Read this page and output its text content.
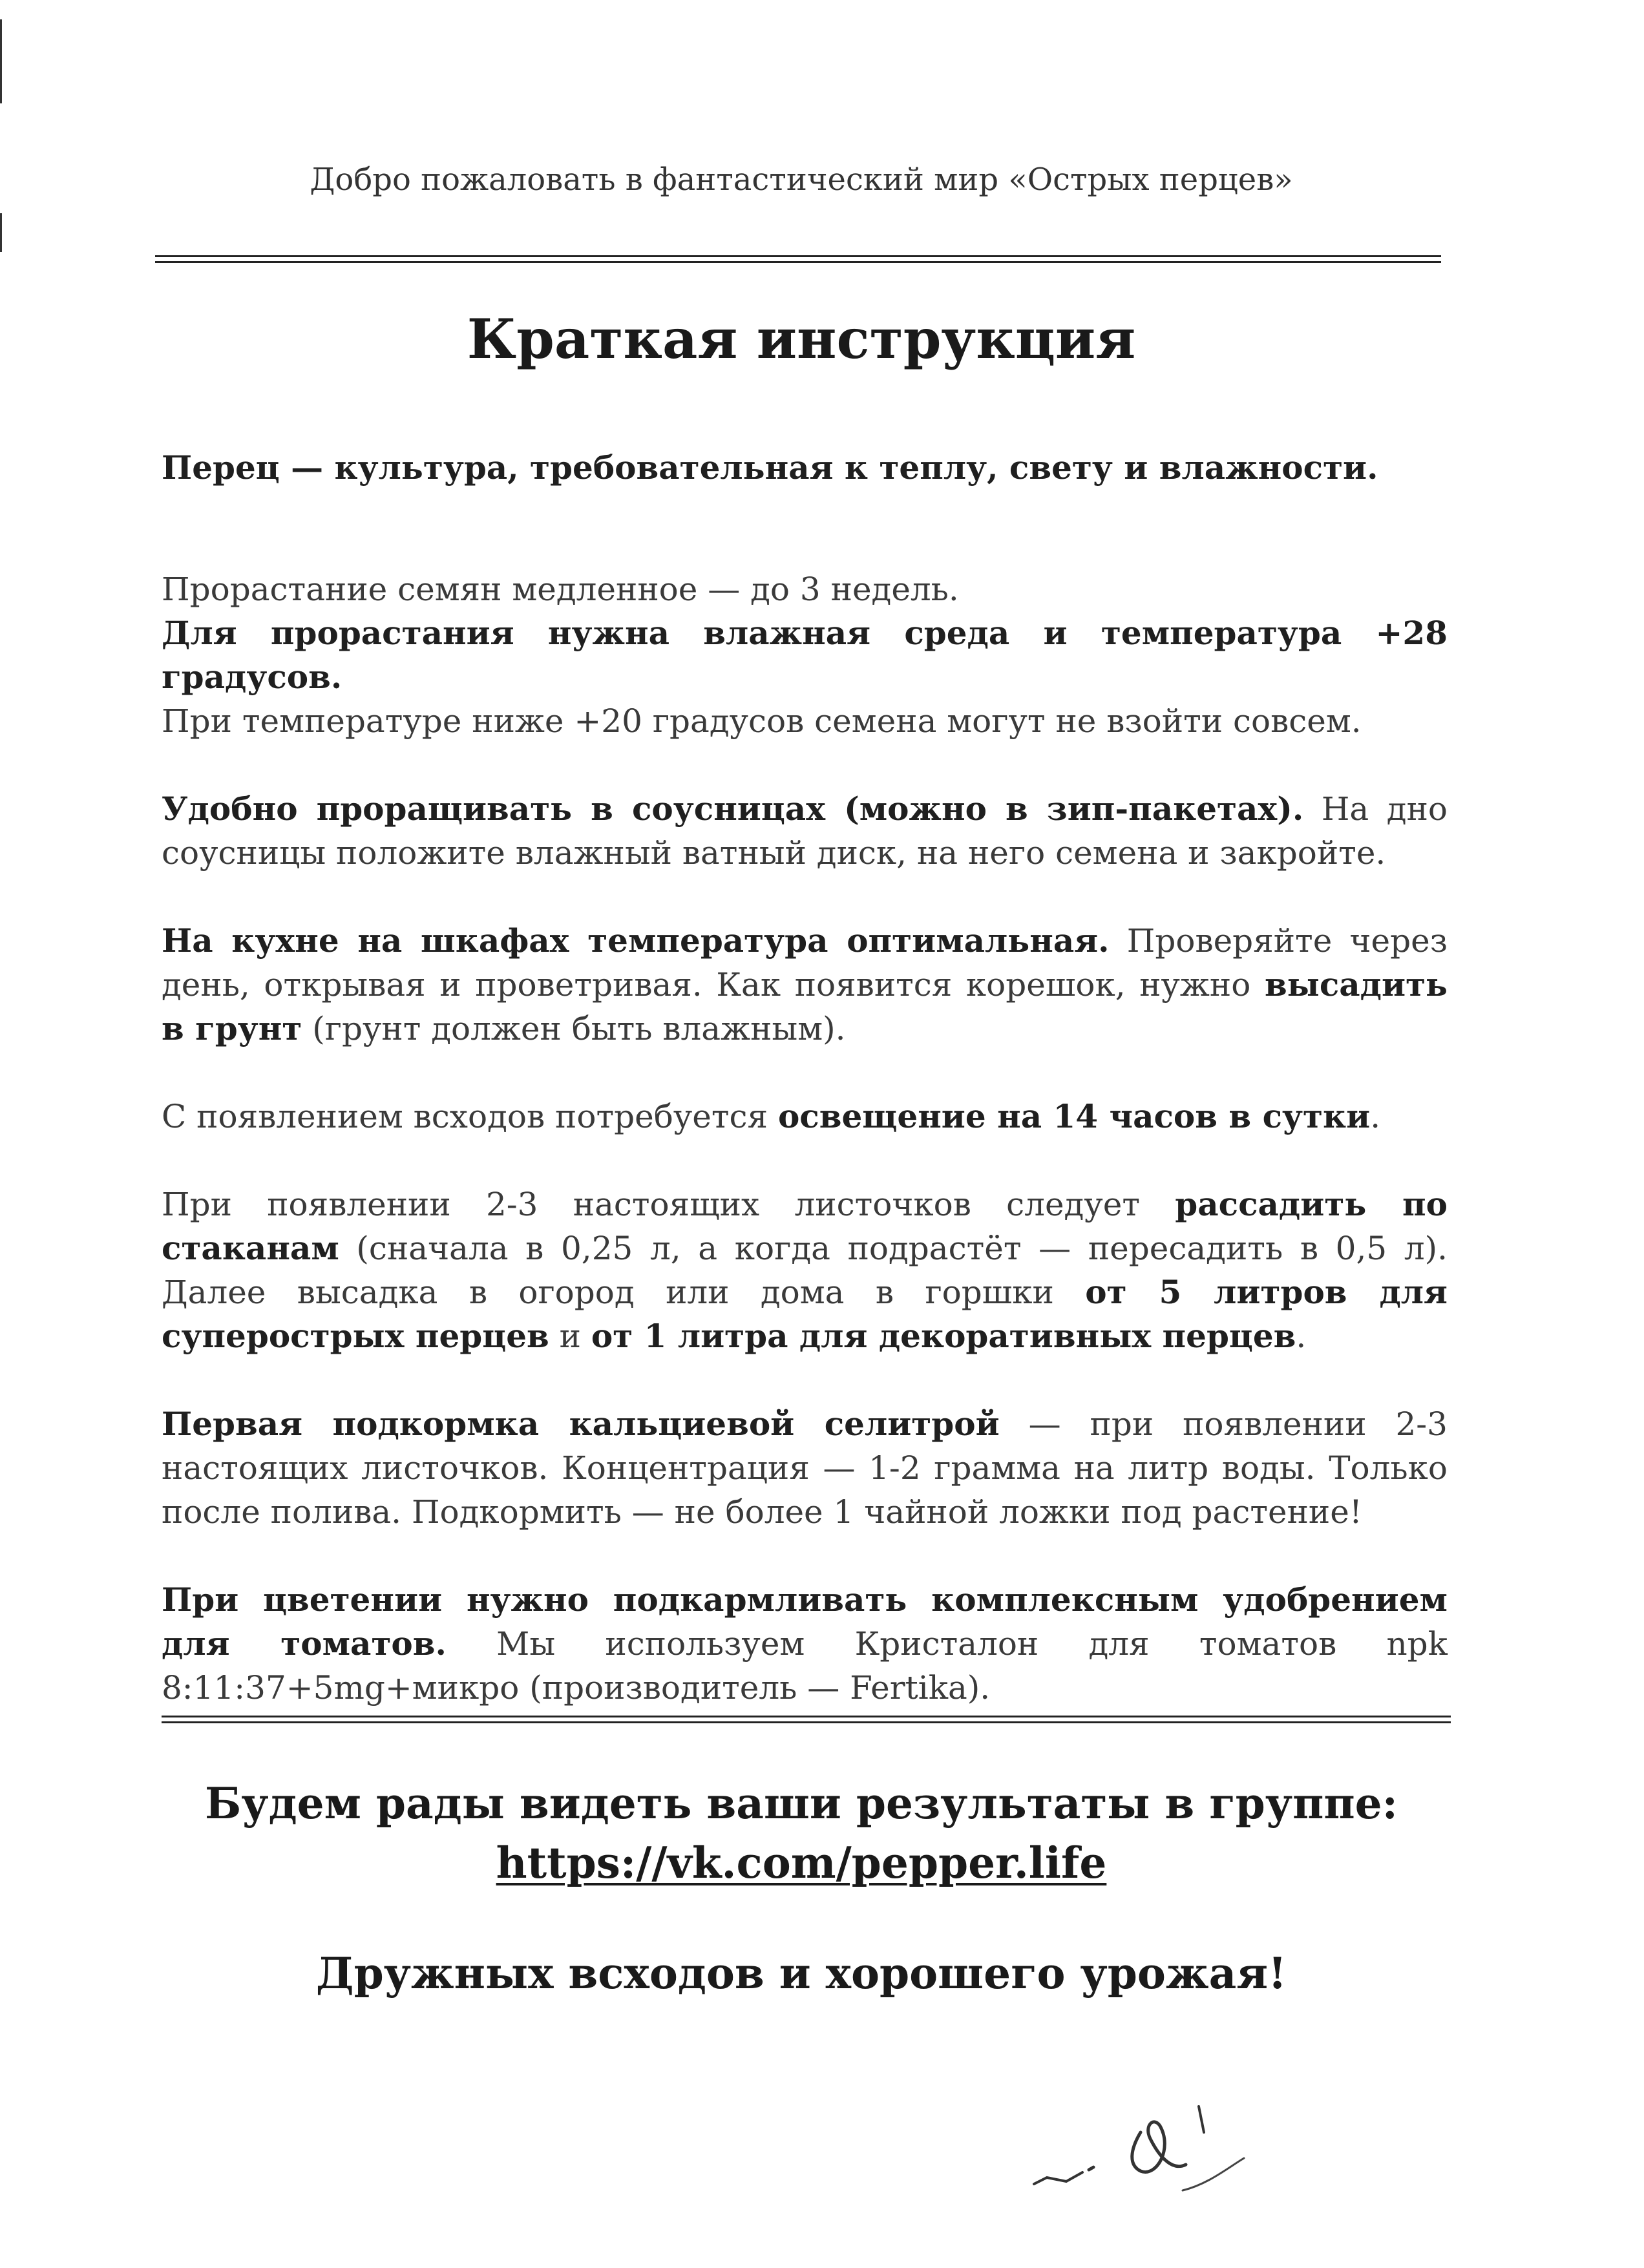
Добро пожаловать в фантастический мир «Острых перцев»
Краткая инструкция

Перец — культура, требовательная к теплу, свету и влажности.

Прорастание семян медленное — до 3 недель.

Для прорастания нужна влажная среда и температура +28 градусов.

При температуре ниже +20 градусов семена могут не взойти совсем.

Удобно проращивать в соусницах (можно в зип-пакетах). На дно соусницы положите влажный ватный диск, на него семена и закройте.

На кухне на шкафах температура оптимальная. Проверяйте через день, открывая и проветривая. Как появится корешок, нужно высадить в грунт (грунт должен быть влажным).

С появлением всходов потребуется освещение на 14 часов в сутки.

При появлении 2-3 настоящих листочков следует рассадить по стаканам (сначала в 0,25 л, а когда подрастёт — пересадить в 0,5 л). Далее высадка в огород или дома в горшки от 5 литров для суперострых перцев и от 1 литра для декоративных перцев.

Первая подкормка кальциевой селитрой — при появлении 2-3 настоящих листочков. Концентрация — 1-2 грамма на литр воды. Только после полива. Подкормить — не более 1 чайной ложки под растение!

При цветении нужно подкармливать комплексным удобрением для томатов. Мы используем Кристалон для томатов npk 8:11:37+5mg+микро (производитель — Fertika).

Будем рады видеть ваши результаты в группе:
https://vk.com/pepper.life
Дружных всходов и хорошего урожая!
